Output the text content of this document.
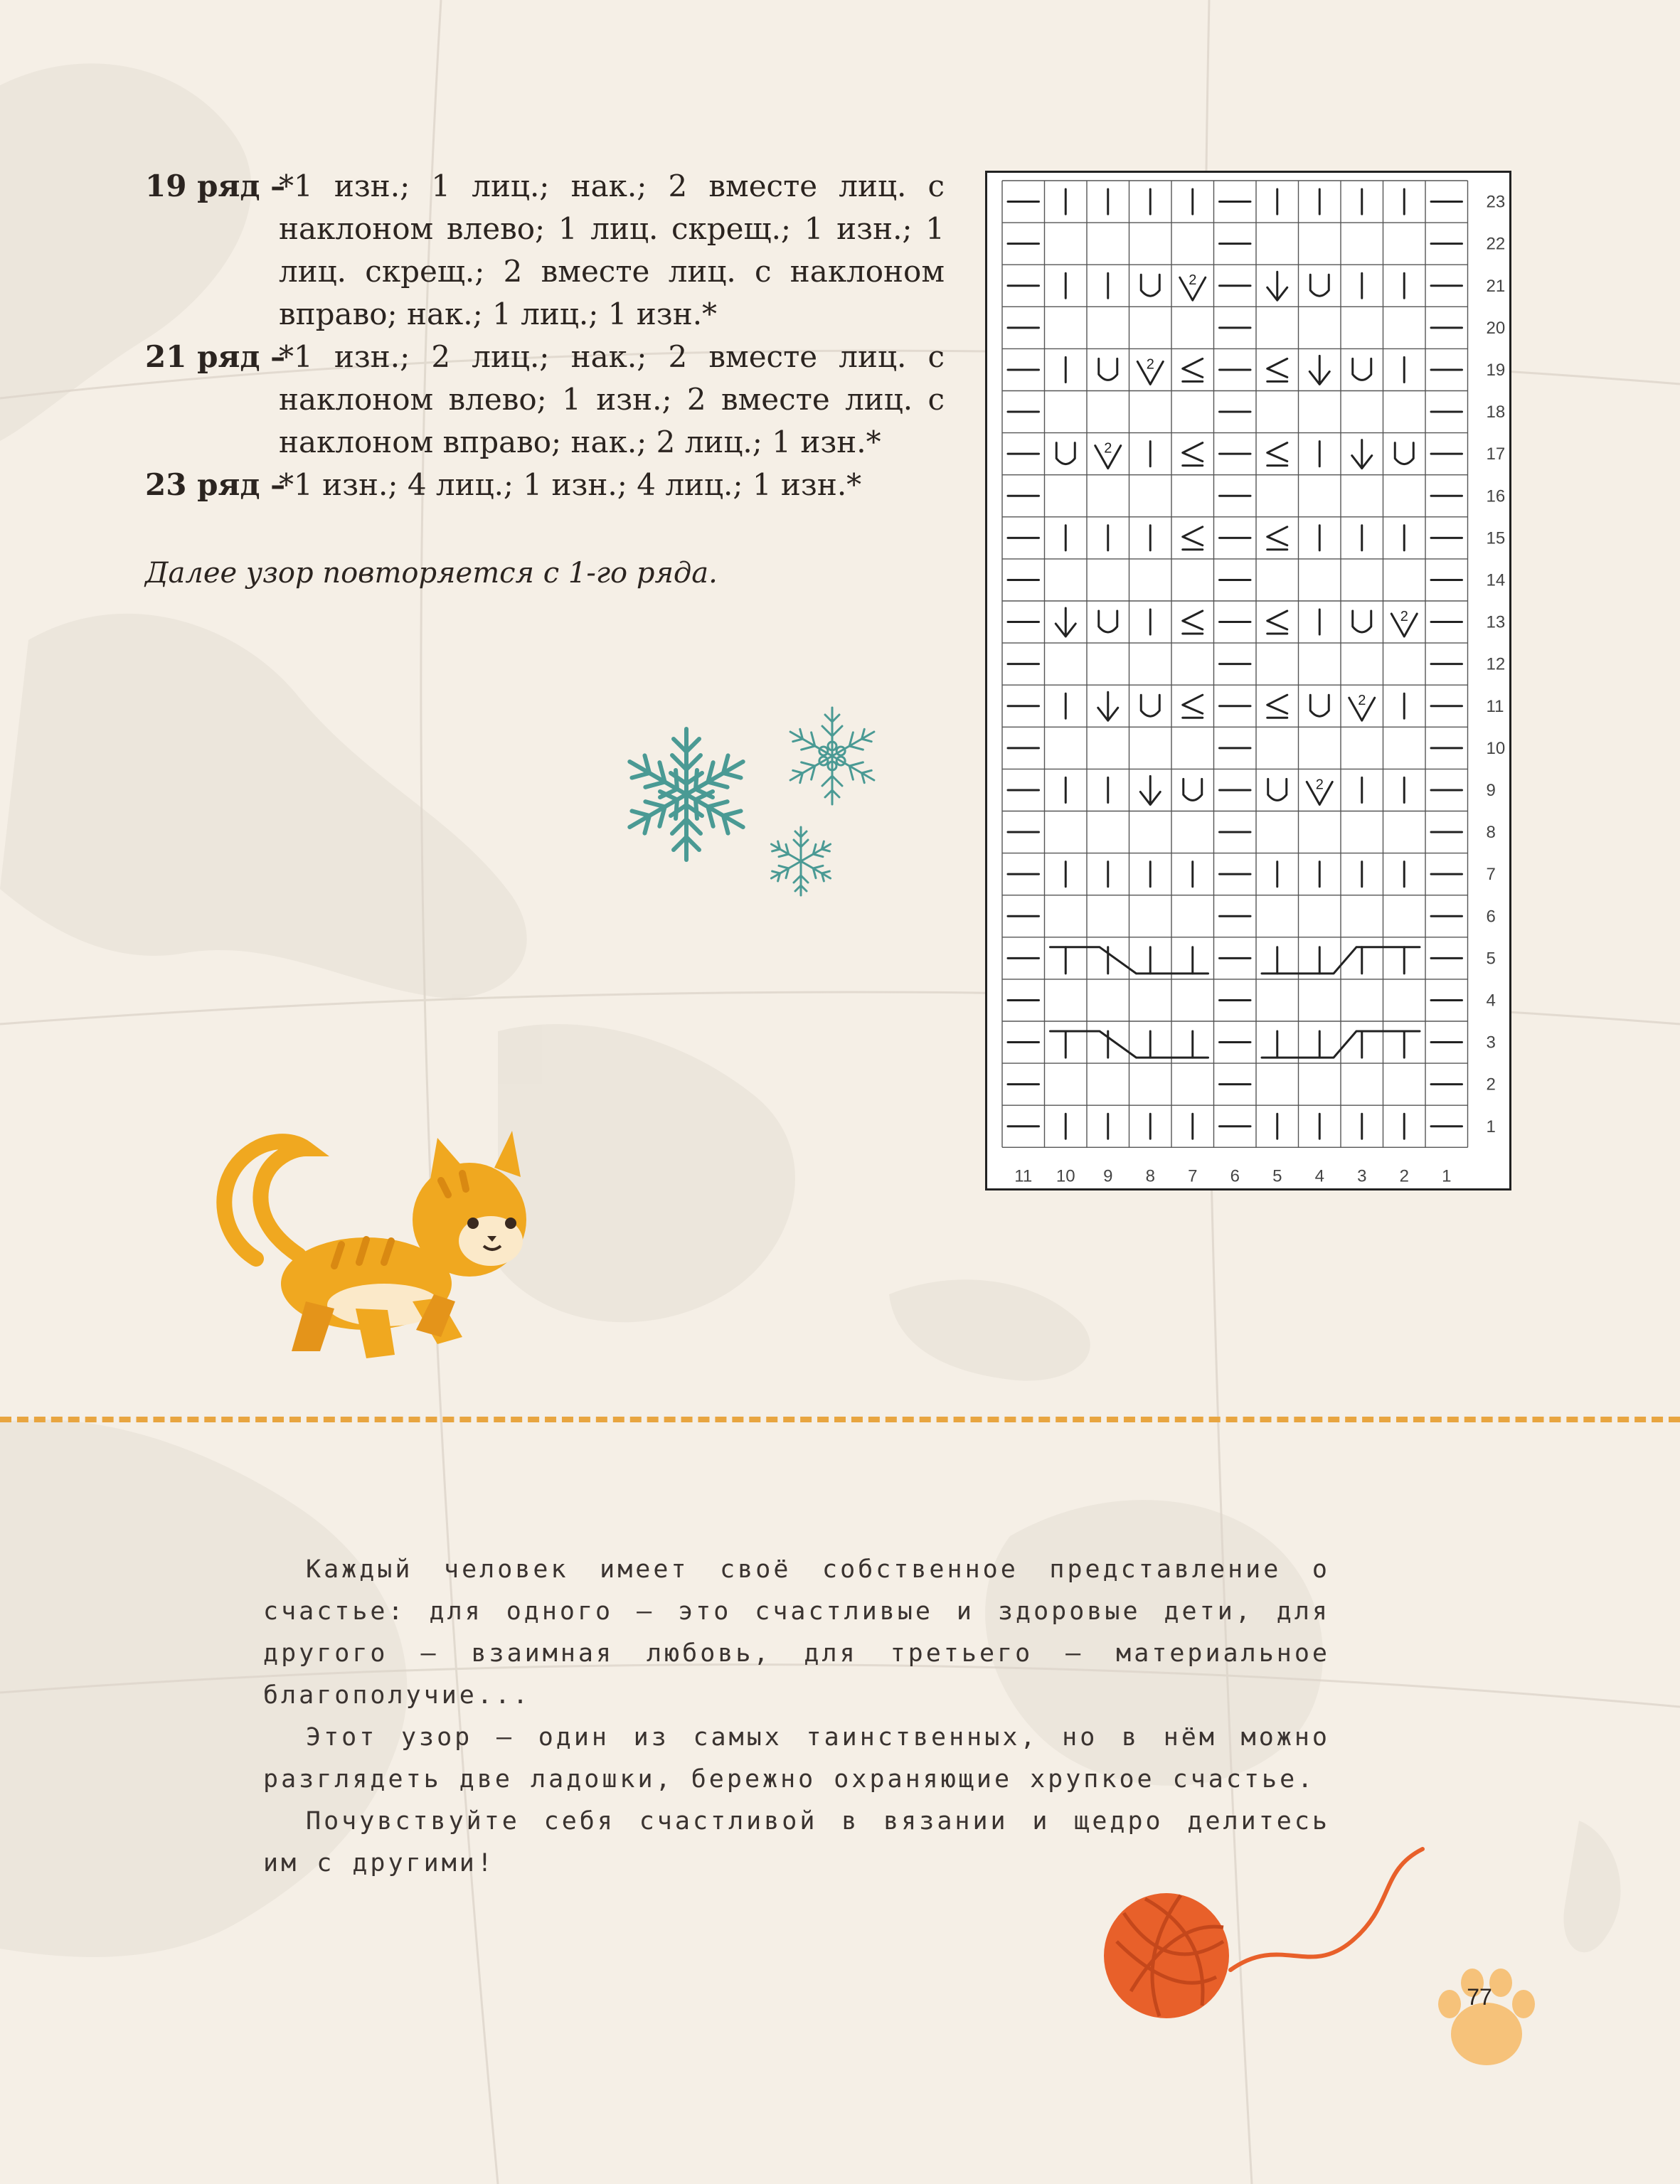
19 ряд –
*1 изн.; 1 лиц.; нак.; 2 вместе лиц. с наклоном влево; 1 лиц. скрещ.; 1 изн.; 1 лиц. скрещ.; 2 вместе лиц. с наклоном вправо; нак.; 1 лиц.; 1 изн.*
21 ряд –
*1 изн.; 2 лиц.; нак.; 2 вместе лиц. с наклоном влево; 1 изн.; 2 вместе лиц. с наклоном вправо; нак.; 2 лиц.; 1 изн.*
23 ряд –
*1 изн.; 4 лиц.; 1 изн.; 4 лиц.; 1 изн.*
Далее узор повторяется с 1-го ряда.
2
2
2
2
2
2
23
22
21
20
19
18
17
16
15
14
13
12
11
10
9
8
7
6
5
4
3
2
1
11 10 9 8 7 6 5 4 3 2 1

Каждый человек имеет своё собственное представление о счастье: для одного – это счастливые и здоровые дети, для другого – взаимная любовь, для третьего – материальное благополучие...

Этот узор – один из самых таинственных, но в нём можно разглядеть две ладошки, бережно охраняющие хрупкое счастье.

Почувствуйте себя счастливой в вязании и щедро делитесь им с другими!

77
